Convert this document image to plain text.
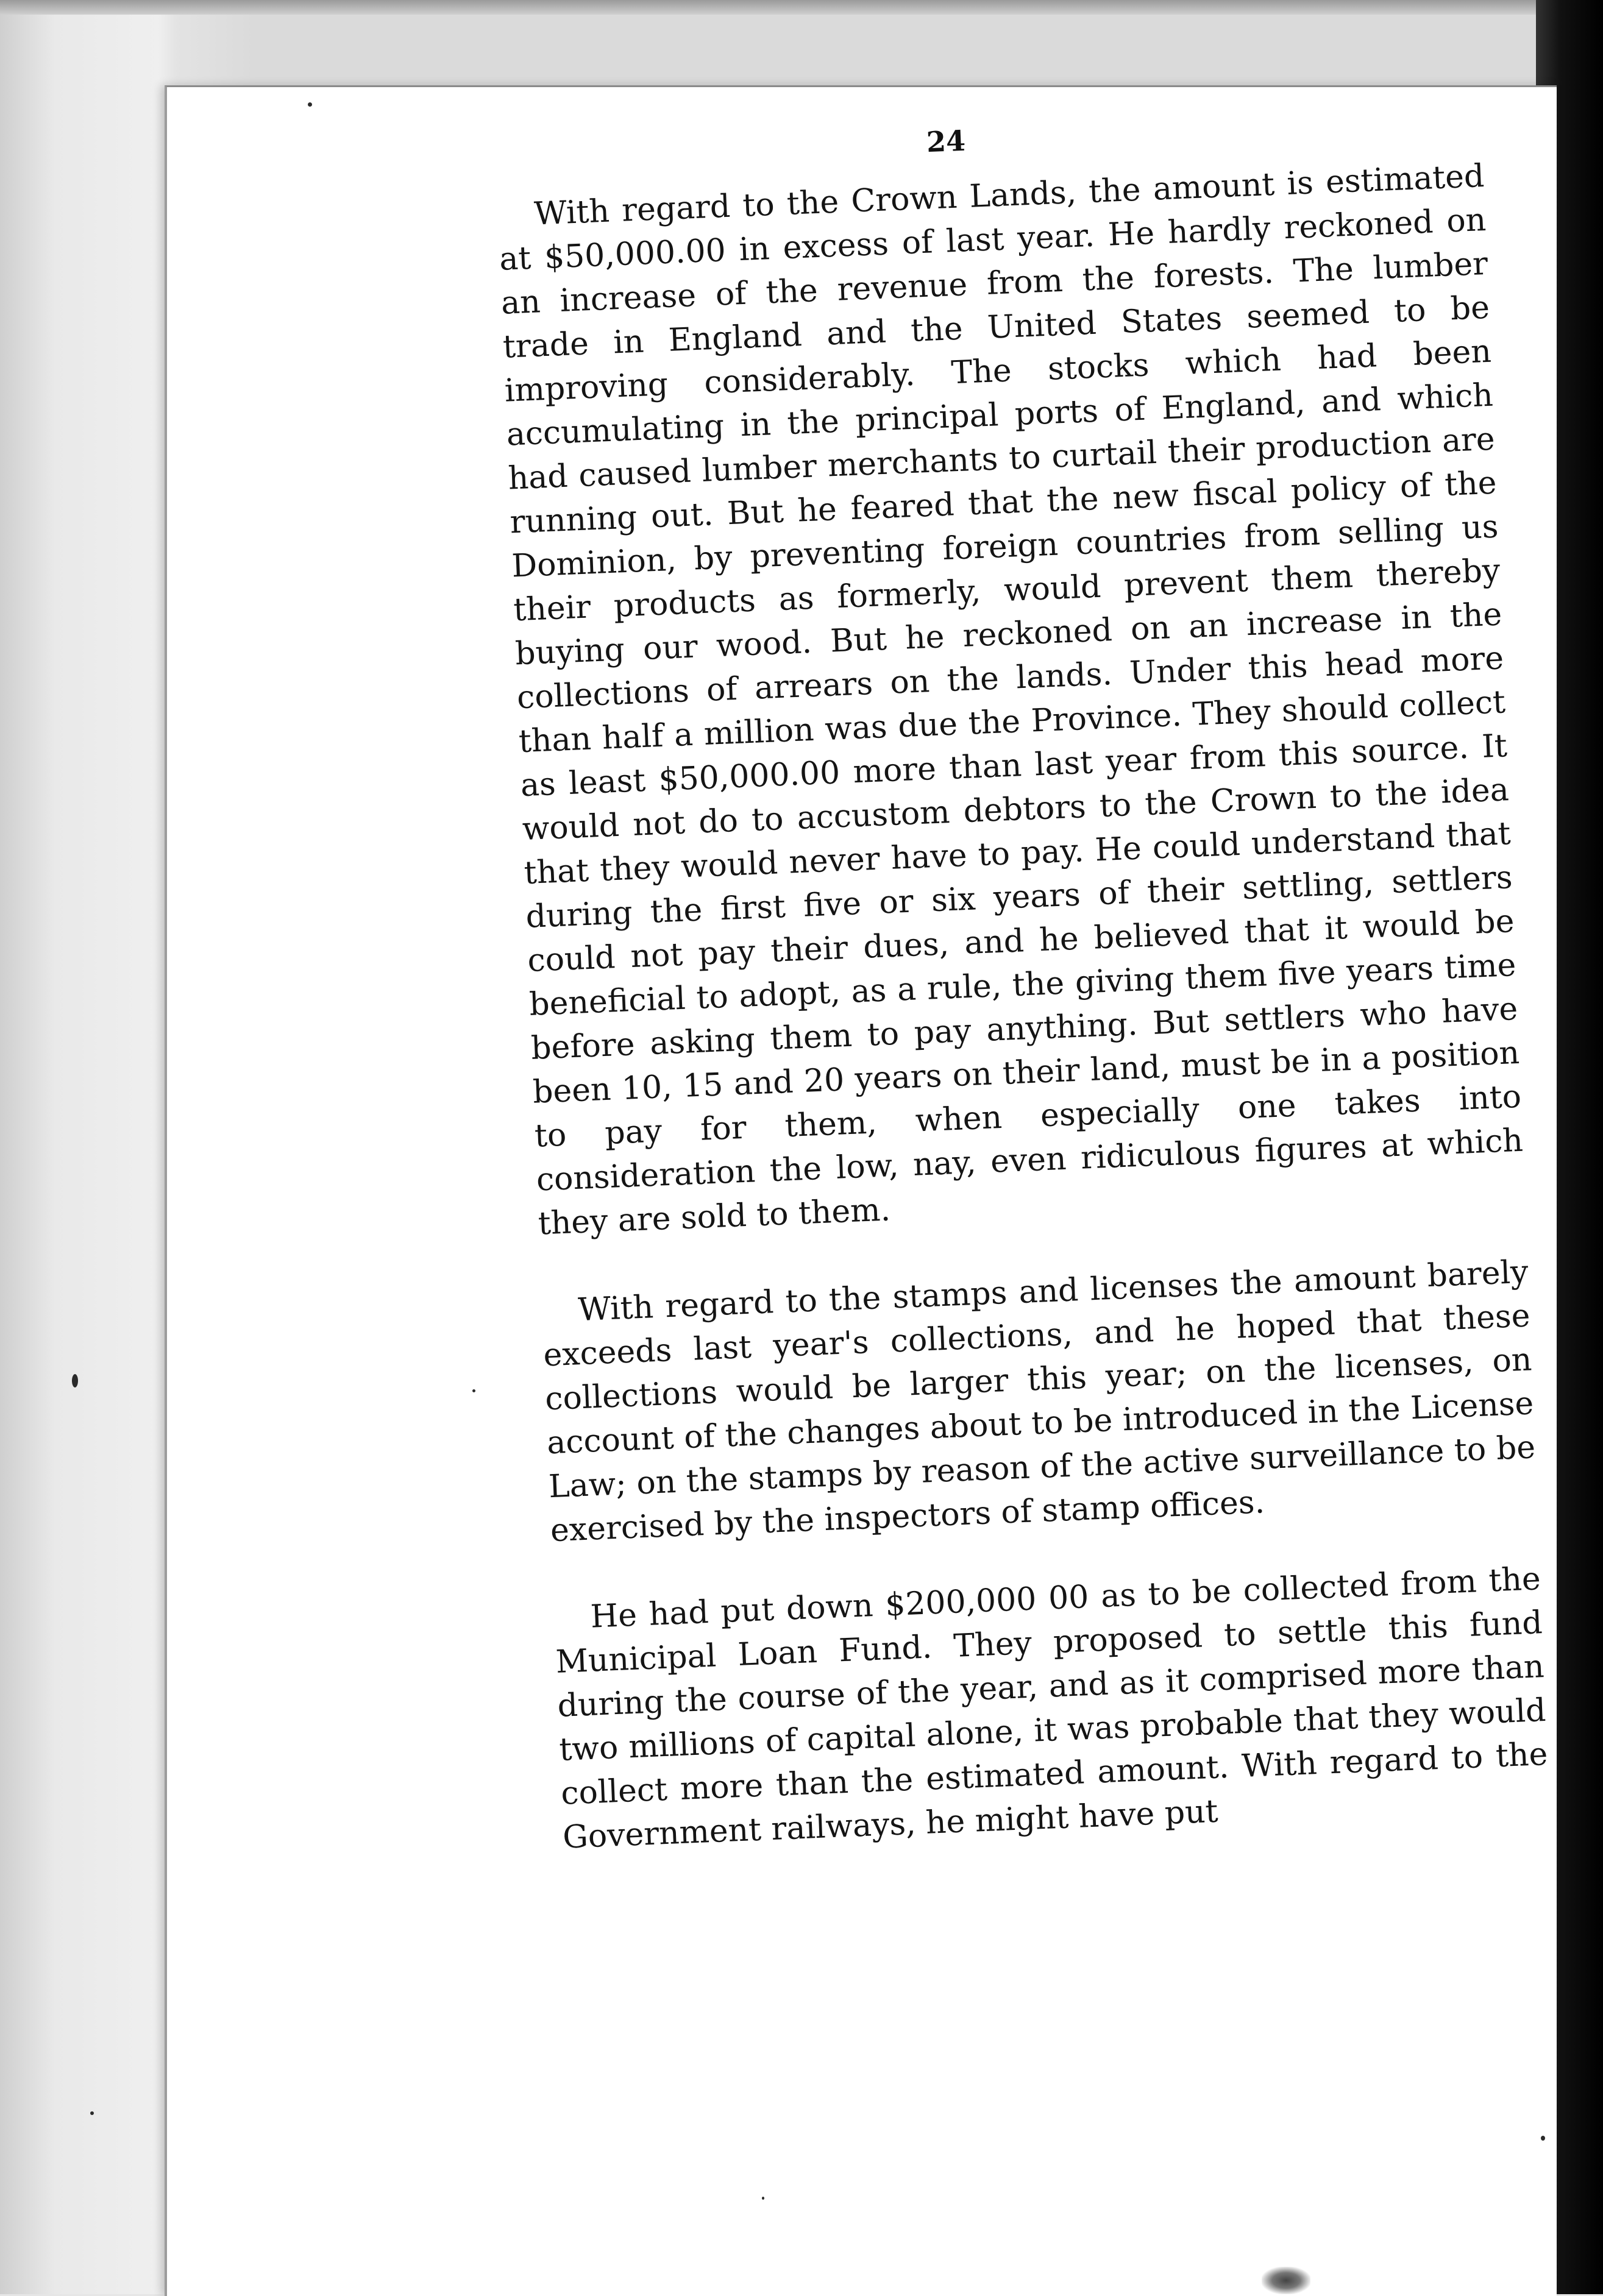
24

With regard to the Crown Lands, the amount is estimated at $50,000.00 in excess of last year. He hardly reckoned on an increase of the revenue from the forests. The lumber trade in England and the United States seemed to be improving considerably. The stocks which had been accumulating in the principal ports of England, and which had caused lumber merchants to curtail their production are running out. But he feared that the new fiscal policy of the Dominion, by preventing foreign countries from selling us their products as formerly, would prevent them thereby buying our wood. But he reckoned on an increase in the collections of arrears on the lands. Under this head more than half a million was due the Province. They should collect as least $50,000.00 more than last year from this source. It would not do to accustom debtors to the Crown to the idea that they would never have to pay. He could understand that during the first five or six years of their settling, settlers could not pay their dues, and he believed that it would be beneficial to adopt, as a rule, the giving them five years time before asking them to pay anything. But settlers who have been 10, 15 and 20 years on their land, must be in a position to pay for them, when especially one takes into consideration the low, nay, even ridiculous figures at which they are sold to them.

With regard to the stamps and licenses the amount barely exceeds last year's collections, and he hoped that these collections would be larger this year; on the licenses, on account of the changes about to be introduced in the License Law; on the stamps by reason of the active surveillance to be exercised by the inspectors of stamp offices.

He had put down $200,000 00 as to be collected from the Municipal Loan Fund. They proposed to settle this fund during the course of the year, and as it comprised more than two millions of capital alone, it was probable that they would collect more than the estimated amount. With regard to the Government railways, he might have put
